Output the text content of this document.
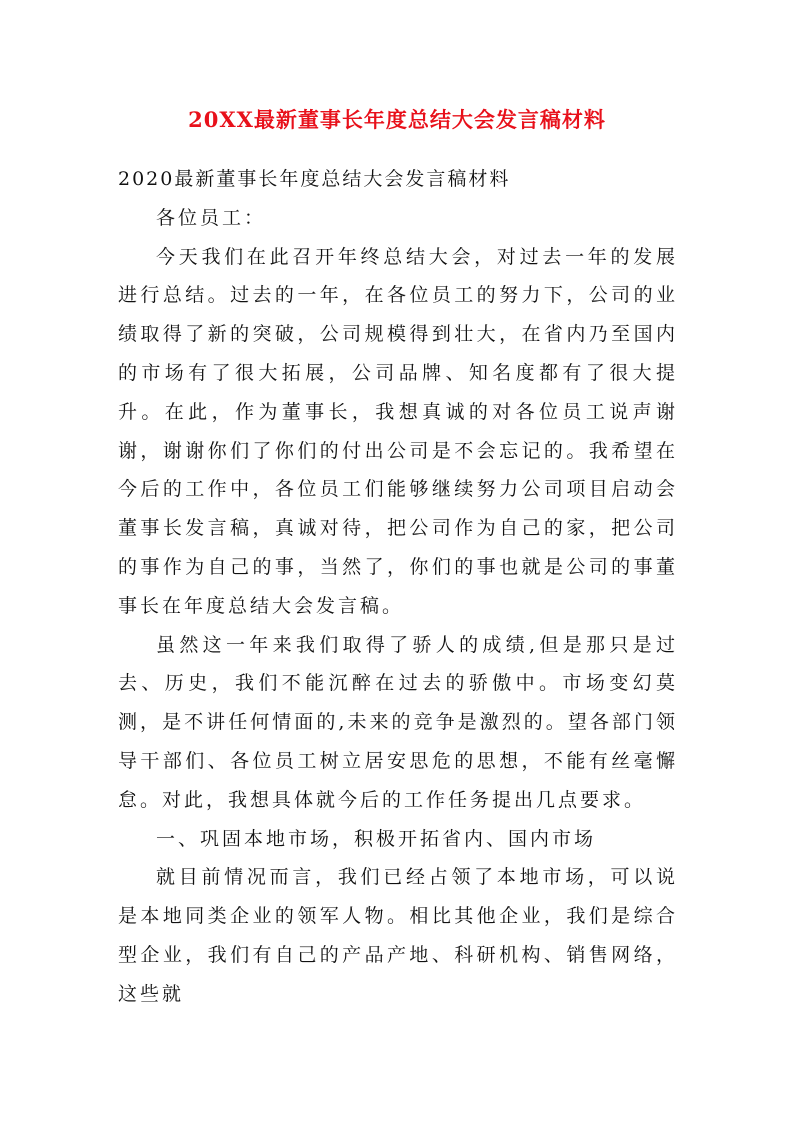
20XX最新董事长年度总结大会发言稿材料

2020最新董事长年度总结大会发言稿材料

各位员工：

今天我们在此召开年终总结大会，对过去一年的发展进行总结。过去的一年，在各位员工的努力下，公司的业绩取得了新的突破，公司规模得到壮大，在省内乃至国内的市场有了很大拓展，公司品牌、知名度都有了很大提升。在此，作为董事长，我想真诚的对各位员工说声谢谢，谢谢你们了你们的付出公司是不会忘记的。我希望在今后的工作中，各位员工们能够继续努力公司项目启动会董事长发言稿，真诚对待，把公司作为自己的家，把公司的事作为自己的事，当然了，你们的事也就是公司的事董事长在年度总结大会发言稿。

虽然这一年来我们取得了骄人的成绩,但是那只是过去、历史，我们不能沉醉在过去的骄傲中。市场变幻莫测，是不讲任何情面的,未来的竞争是激烈的。望各部门领导干部们、各位员工树立居安思危的思想，不能有丝毫懈怠。对此，我想具体就今后的工作任务提出几点要求。

一、巩固本地市场，积极开拓省内、国内市场

就目前情况而言，我们已经占领了本地市场，可以说是本地同类企业的领军人物。相比其他企业，我们是综合型企业，我们有自己的产品产地、科研机构、销售网络，这些就
